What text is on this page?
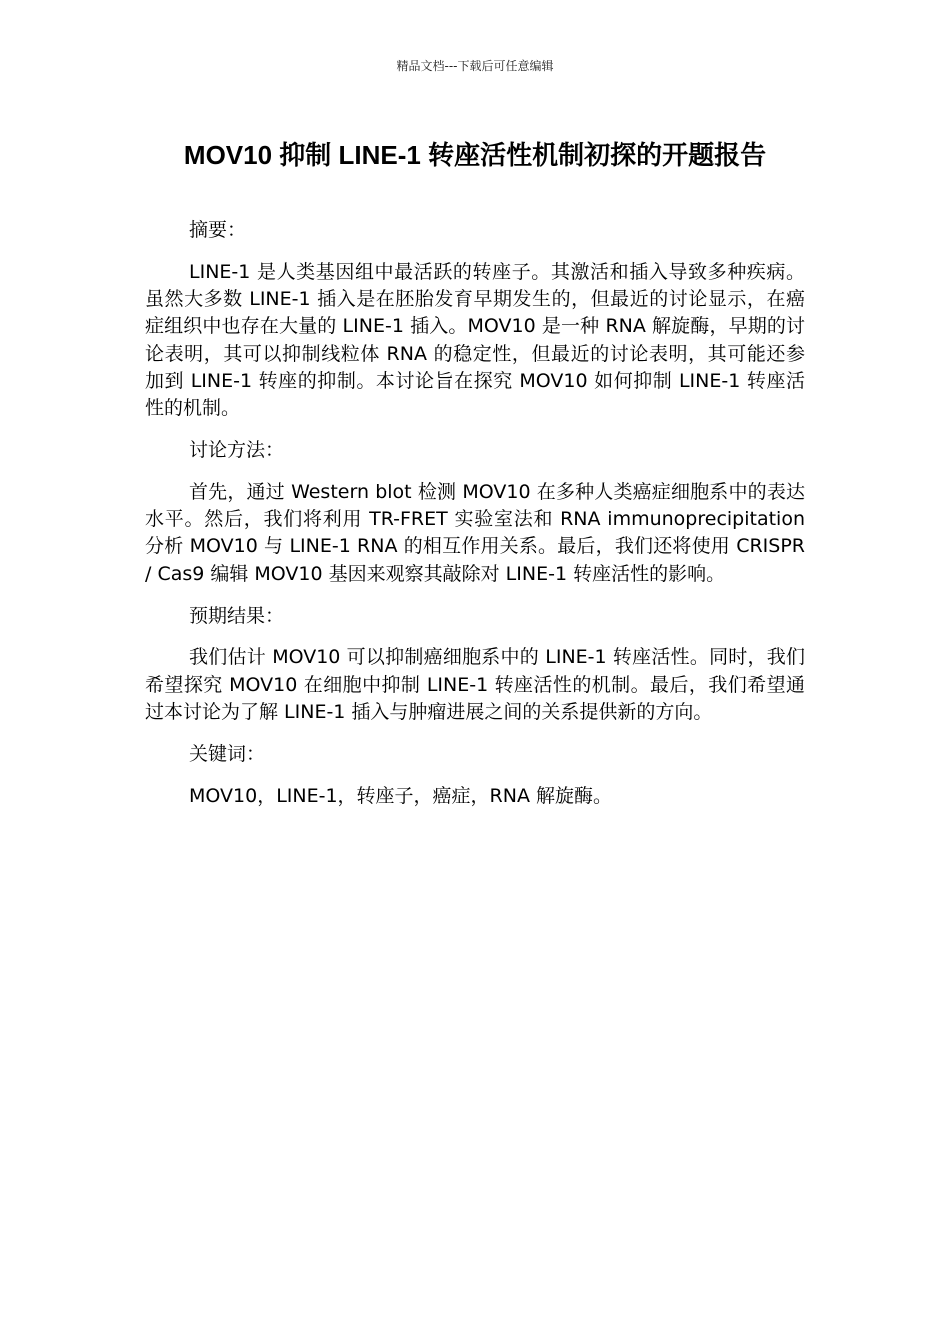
精品文档---下载后可任意编辑
MOV10 抑制 LINE-1 转座活性机制初探的开题报告

摘要：

LINE-1 是人类基因组中最活跃的转座子。其激活和插入导致多种疾病。虽然大多数 LINE-1 插入是在胚胎发育早期发生的，但最近的讨论显示，在癌症组织中也存在大量的 LINE-1 插入。MOV10 是一种 RNA 解旋酶，早期的讨论表明，其可以抑制线粒体 RNA 的稳定性，但最近的讨论表明，其可能还参加到 LINE-1 转座的抑制。本讨论旨在探究 MOV10 如何抑制 LINE-1 转座活性的机制。

讨论方法：

首先，通过 Western blot 检测 MOV10 在多种人类癌症细胞系中的表达水平。然后，我们将利用 TR-FRET 实验室法和 RNA immunoprecipitation 分析 MOV10 与 LINE-1 RNA 的相互作用关系。最后，我们还将使用 CRISPR / Cas9 编辑 MOV10 基因来观察其敲除对 LINE-1 转座活性的影响。

预期结果：

我们估计 MOV10 可以抑制癌细胞系中的 LINE-1 转座活性。同时，我们希望探究 MOV10 在细胞中抑制 LINE-1 转座活性的机制。最后，我们希望通过本讨论为了解 LINE-1 插入与肿瘤进展之间的关系提供新的方向。

关键词：

MOV10，LINE-1，转座子，癌症，RNA 解旋酶。
